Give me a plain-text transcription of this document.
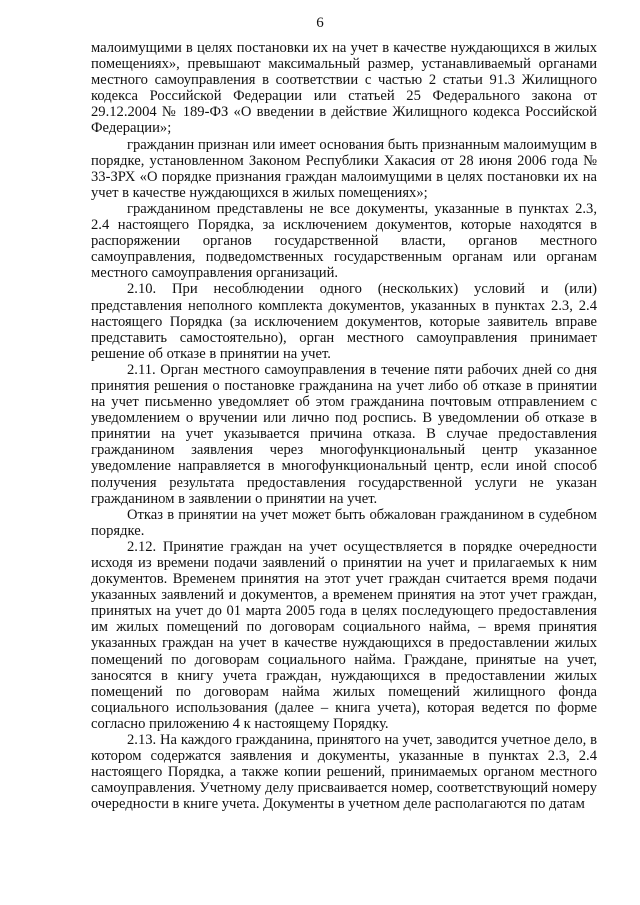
6

малоимущими в целях постановки их на учет в качестве нуждающихся в жилых помещениях», превышают максимальный размер, устанавливаемый органами местного самоуправления в соответствии с частью 2 статьи 91.3 Жилищного кодекса Российской Федерации или статьей 25 Федерального закона от 29.12.2004 № 189-ФЗ «О введении в действие Жилищного кодекса Российской Федерации»;

гражданин признан или имеет основания быть признанным малоимущим в порядке, установленном Законом Республики Хакасия от 28 июня 2006 года № 33-ЗРХ «О порядке признания граждан малоимущими в целях постановки их на учет в качестве нуждающихся в жилых помещениях»;

гражданином представлены не все документы, указанные в пунктах 2.3, 2.4 настоящего Порядка, за исключением документов, которые находятся в распоряжении органов государственной власти, органов местного самоуправления, подведомственных государственным органам или органам местного самоуправления организаций.

2.10. При несоблюдении одного (нескольких) условий и (или) представления неполного комплекта документов, указанных в пунктах 2.3, 2.4 настоящего Порядка (за исключением документов, которые заявитель вправе представить самостоятельно), орган местного самоуправления принимает решение об отказе в принятии на учет.

2.11. Орган местного самоуправления в течение пяти рабочих дней со дня принятия решения о постановке гражданина на учет либо об отказе в принятии на учет письменно уведомляет об этом гражданина почтовым отправлением с уведомлением о вручении или лично под роспись. В уведомлении об отказе в принятии на учет указывается причина отказа. В случае предоставления гражданином заявления через многофункциональный центр указанное уведомление направляется в многофункциональный центр, если иной способ получения результата предоставления государственной услуги не указан гражданином в заявлении о принятии на учет.

Отказ в принятии на учет может быть обжалован гражданином в судебном порядке.

2.12. Принятие граждан на учет осуществляется в порядке очередности исходя из времени подачи заявлений о принятии на учет и прилагаемых к ним документов. Временем принятия на этот учет граждан считается время подачи указанных заявлений и документов, а временем принятия на этот учет граждан, принятых на учет до 01 марта 2005 года в целях последующего предоставления им жилых помещений по договорам социального найма, – время принятия указанных граждан на учет в качестве нуждающихся в предоставлении жилых помещений по договорам социального найма. Граждане, принятые на учет, заносятся в книгу учета граждан, нуждающихся в предоставлении жилых помещений по договорам найма жилых помещений жилищного фонда социального использования (далее – книга учета), которая ведется по форме согласно приложению 4 к настоящему Порядку.

2.13. На каждого гражданина, принятого на учет, заводится учетное дело, в котором содержатся заявления и документы, указанные в пунктах 2.3, 2.4 настоящего Порядка, а также копии решений, принимаемых органом местного самоуправления. Учетному делу присваивается номер, соответствующий номеру очередности в книге учета. Документы в учетном деле располагаются по датам
